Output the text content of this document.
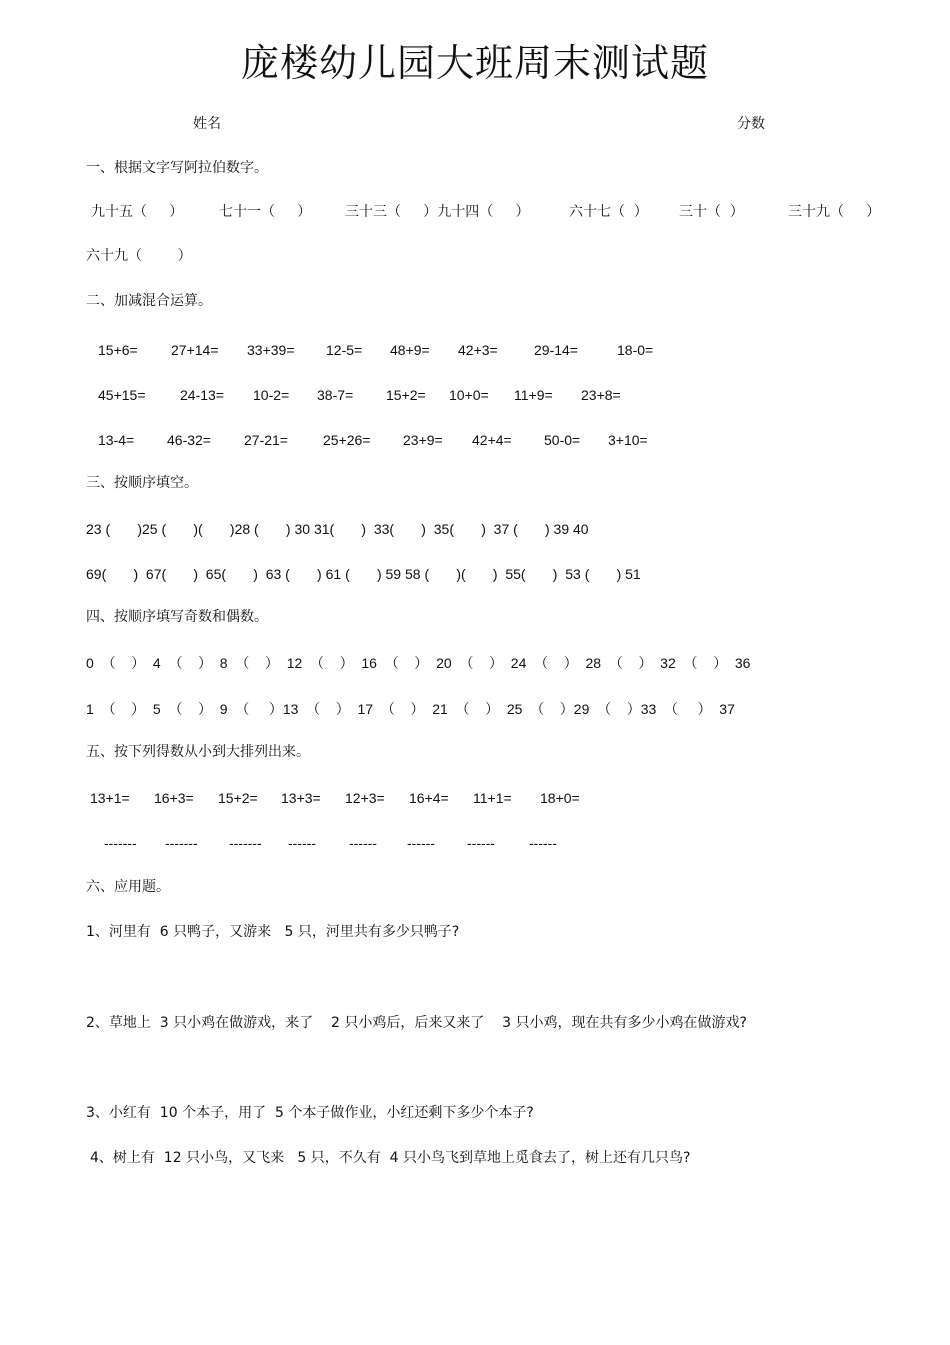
庞楼幼儿园大班周末测试题
姓名	分数
一、根据文字写阿拉伯数字。
九十五（     ）	七十一（     ） 三十三（     ）九十四（     ）	六十七（  ） 三十（  ）	三十九（     ）
六十九（        ）
二、加减混合运算。
15+6= 27+14= 33+39= 12-5= 48+9= 42+3=	29-14=	18-0=
45+15= 24-13= 10-2= 38-7= 15+2= 10+0= 11+9= 23+8=
13-4= 46-32= 27-21=	25+26= 23+9= 42+4= 50-0= 3+10=
三、按顺序填空。
23 (       )25 (       )(       )28 (       ) 30 31(       )  33(       )  35(       )  37 (       ) 39 40
69(       )  67(       )  65(       )  63 (       ) 61 (       ) 59 58 (       )(       )  55(       )  53 (       ) 51
四、按顺序填写奇数和偶数。
0  （    ）  4  （    ）  8  （    ）  12  （    ）  16  （    ）  20  （    ）  24  （    ）  28  （    ）  32  （    ）  36
1  （    ）  5  （    ）  9  （     ）13  （    ）  17  （    ）  21  （    ）  25  （    ）29  （    ）33  （     ）  37
五、按下列得数从小到大排列出来。
13+1= 16+3= 15+2= 13+3= 12+3= 16+4= 11+1= 18+0=
------- ------- ------- ------ ------ ------ ------ ------
六、应用题。
1、河里有  6 只鸭子，又游来   5 只，河里共有多少只鸭子?
2、草地上  3 只小鸡在做游戏，来了    2 只小鸡后，后来又来了    3 只小鸡，现在共有多少小鸡在做游戏?
3、小红有  10 个本子，用了  5 个本子做作业，小红还剩下多少个本子?
4、树上有  12 只小鸟，又飞来   5 只，不久有  4 只小鸟飞到草地上觅食去了，树上还有几只鸟?
